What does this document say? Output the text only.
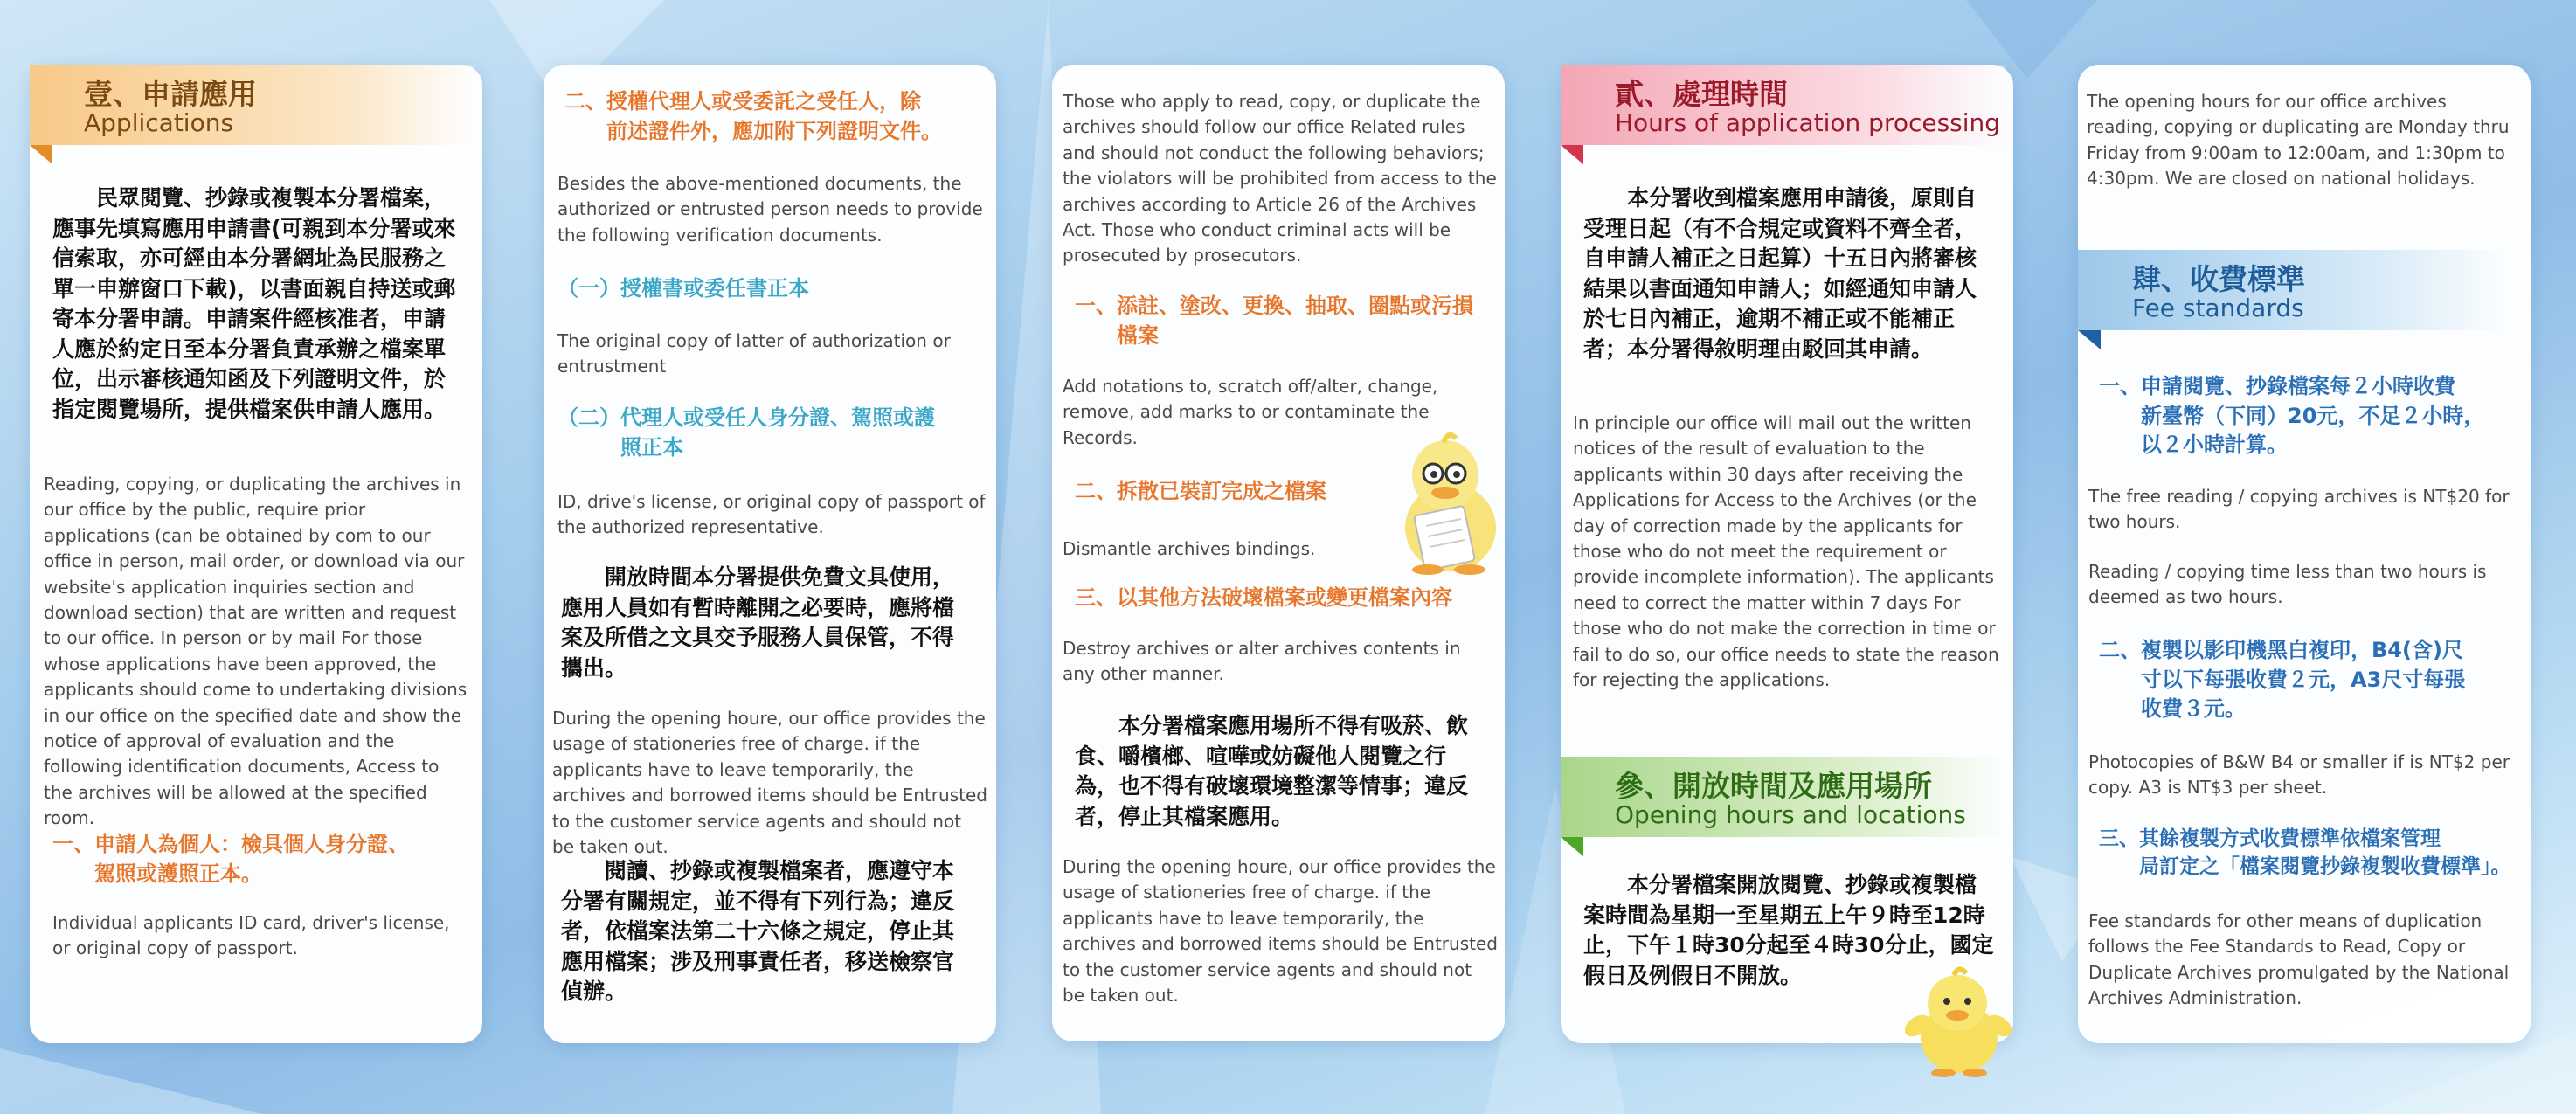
壹、申請應用
Applications
　　民眾閱覽、抄錄或複製本分署檔案，應事先填寫應用申請書(可親到本分署或來信索取，亦可經由本分署網址為民服務之單一申辦窗口下載)，以書面親自持送或郵寄本分署申請。申請案件經核准者，申請人應於約定日至本分署負責承辦之檔案單位，出示審核通知函及下列證明文件，於指定閱覽場所，提供檔案供申請人應用。
Reading, copying, or duplicating the archives in our office by the public, require prior applications (can be obtained by com to our office in person, mail order, or download via our website's application inquiries section and download section) that are written and request to our office. In person or by mail For those whose applications have been approved, the applicants should come to undertaking divisions in our office on the specified date and show the notice of approval of evaluation and the following identification documents, Access to the archives will be allowed at the specified room.
一、申請人為個人：檢具個人身分證、
　　駕照或護照正本。
Individual applicants ID card, driver's license, or original copy of passport.
二、授權代理人或受委託之受任人，除
　　前述證件外，應加附下列證明文件。
Besides the above-mentioned documents, the authorized or entrusted person needs to provide the following verification documents.
（一）授權書或委任書正本
The original copy of latter of authorization or entrustment
（二）代理人或受任人身分證、駕照或護
　　　照正本
ID, drive's license, or original copy of passport of the authorized representative.
　　開放時間本分署提供免費文具使用，應用人員如有暫時離開之必要時，應將檔案及所借之文具交予服務人員保管，不得攜出。
During the opening houre, our office provides the usage of stationeries free of charge. if the applicants have to leave temporarily, the archives and borrowed items should be Entrusted to the customer service agents and should not be taken out.
　　閱讀、抄錄或複製檔案者，應遵守本分署有關規定，並不得有下列行為；違反者，依檔案法第二十六條之規定，停止其應用檔案；涉及刑事責任者，移送檢察官偵辦。
Those who apply to read, copy, or duplicate the archives should follow our office Related rules and should not conduct the following behaviors; the violators will be prohibited from access to the archives according to Article 26 of the Archives Act. Those who conduct criminal acts will be prosecuted by prosecutors.
一、添註、塗改、更換、抽取、圈點或污損
　　檔案
Add notations to, scratch off/alter, change, remove, add marks to or contaminate the Records.
二、拆散已裝訂完成之檔案
Dismantle archives bindings.
三、以其他方法破壞檔案或變更檔案內容
Destroy archives or alter archives contents in any other manner.
　　本分署檔案應用場所不得有吸菸、飲食、嚼檳榔、喧嘩或妨礙他人閱覽之行為，也不得有破壞環境整潔等情事；違反者，停止其檔案應用。
During the opening houre, our office provides the usage of stationeries free of charge. if the applicants have to leave temporarily, the archives and borrowed items should be Entrusted to the customer service agents and should not be taken out.
貳、處理時間
Hours of application processing
　　本分署收到檔案應用申請後，原則自受理日起（有不合規定或資料不齊全者，自申請人補正之日起算）十五日內將審核結果以書面通知申請人；如經通知申請人於七日內補正，逾期不補正或不能補正者；本分署得敘明理由駁回其申請。
In principle our office will mail out the written notices of the result of evaluation to the applicants within 30 days after receiving the Applications for Access to the Archives (or the day of correction made by the applicants for those who do not meet the requirement or provide incomplete information). The applicants need to correct the matter within 7 days For those who do not make the correction in time or fail to do so, our office needs to state the reason for rejecting the applications.
參、開放時間及應用場所
Opening hours and locations
　　本分署檔案開放閱覽、抄錄或複製檔案時間為星期一至星期五上午９時至12時止，下午１時30分起至４時30分止，國定假日及例假日不開放。
The opening hours for our office archives reading, copying or duplicating are Monday thru Friday from 9:00am to 12:00am, and 1:30pm to 4:30pm. We are closed on national holidays.
肆、收費標準
Fee standards
一、申請閱覽、抄錄檔案每２小時收費
　　新臺幣（下同）20元，不足２小時，
　　以２小時計算。
The free reading / copying archives is NT$20 for two hours.
Reading / copying time less than two hours is deemed as two hours.
二、複製以影印機黑白複印，B4(含)尺
　　寸以下每張收費２元，A3尺寸每張
　　收費３元。
Photocopies of B&W B4 or smaller if is NT$2 per copy. A3 is NT$3 per sheet.
三、其餘複製方式收費標準依檔案管理
　　局訂定之「檔案閱覽抄錄複製收費標準」。
Fee standards for other means of duplication follows the Fee Standards to Read, Copy or Duplicate Archives promulgated by the National Archives Administration.
